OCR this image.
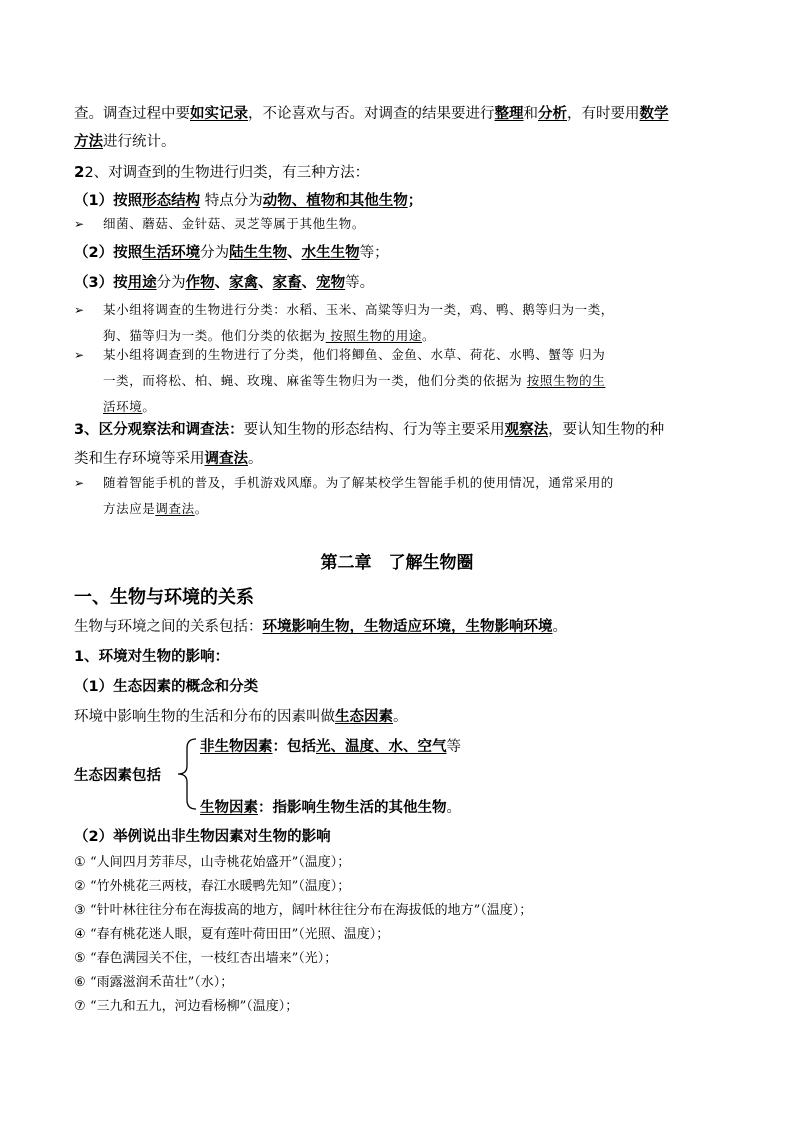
查。调查过程中要如实记录，不论喜欢与否。对调查的结果要进行整理和分析，有时要用数学
方法进行统计。
22、对调查到的生物进行归类，有三种方法：
（1）按照形态结构 特点分为动物、植物和其他生物；
➢ 细菌、蘑菇、金针菇、灵芝等属于其他生物。
（2）按照生活环境分为陆生生物、水生生物等；
（3）按用途分为作物、家禽、家畜、宠物等。
➢ 某小组将调查的生物进行分类：水稻、玉米、高粱等归为一类，鸡、鸭、鹅等归为一类，
狗、猫等归为一类。他们分类的依据为 按照生物的用途。
➢ 某小组将调查到的生物进行了分类，他们将鲫鱼、金鱼、水草、荷花、水鸭、蟹等 归为
一类，而将松、柏、蝇、玫瑰、麻雀等生物归为一类，他们分类的依据为 按照生物的生
活环境。
3、区分观察法和调查法：要认知生物的形态结构、行为等主要采用观察法，要认知生物的种
类和生存环境等采用调查法。
➢ 随着智能手机的普及，手机游戏风靡。为了解某校学生智能手机的使用情况，通常采用的
方法应是调查法。
第二章　了解生物圈
一、生物与环境的关系
生物与环境之间的关系包括：环境影响生物，生物适应环境，生物影响环境。
1、环境对生物的影响：
（1）生态因素的概念和分类
环境中影响生物的生活和分布的因素叫做生态因素。
生态因素包括
非生物因素：包括光、温度、水、空气等
生物因素：指影响生物生活的其他生物。
（2）举例说出非生物因素对生物的影响
① “人间四月芳菲尽，山寺桃花始盛开”（温度）；
② “竹外桃花三两枝，春江水暖鸭先知”（温度）；
③ “针叶林往往分布在海拔高的地方，阔叶林往往分布在海拔低的地方”（温度）；
④ “春有桃花迷人眼，夏有莲叶荷田田”（光照、温度）；
⑤ “春色满园关不住，一枝红杏出墙来”（光）；
⑥ “雨露滋润禾苗壮”（水）；
⑦ “三九和五九，河边看杨柳”（温度）；
